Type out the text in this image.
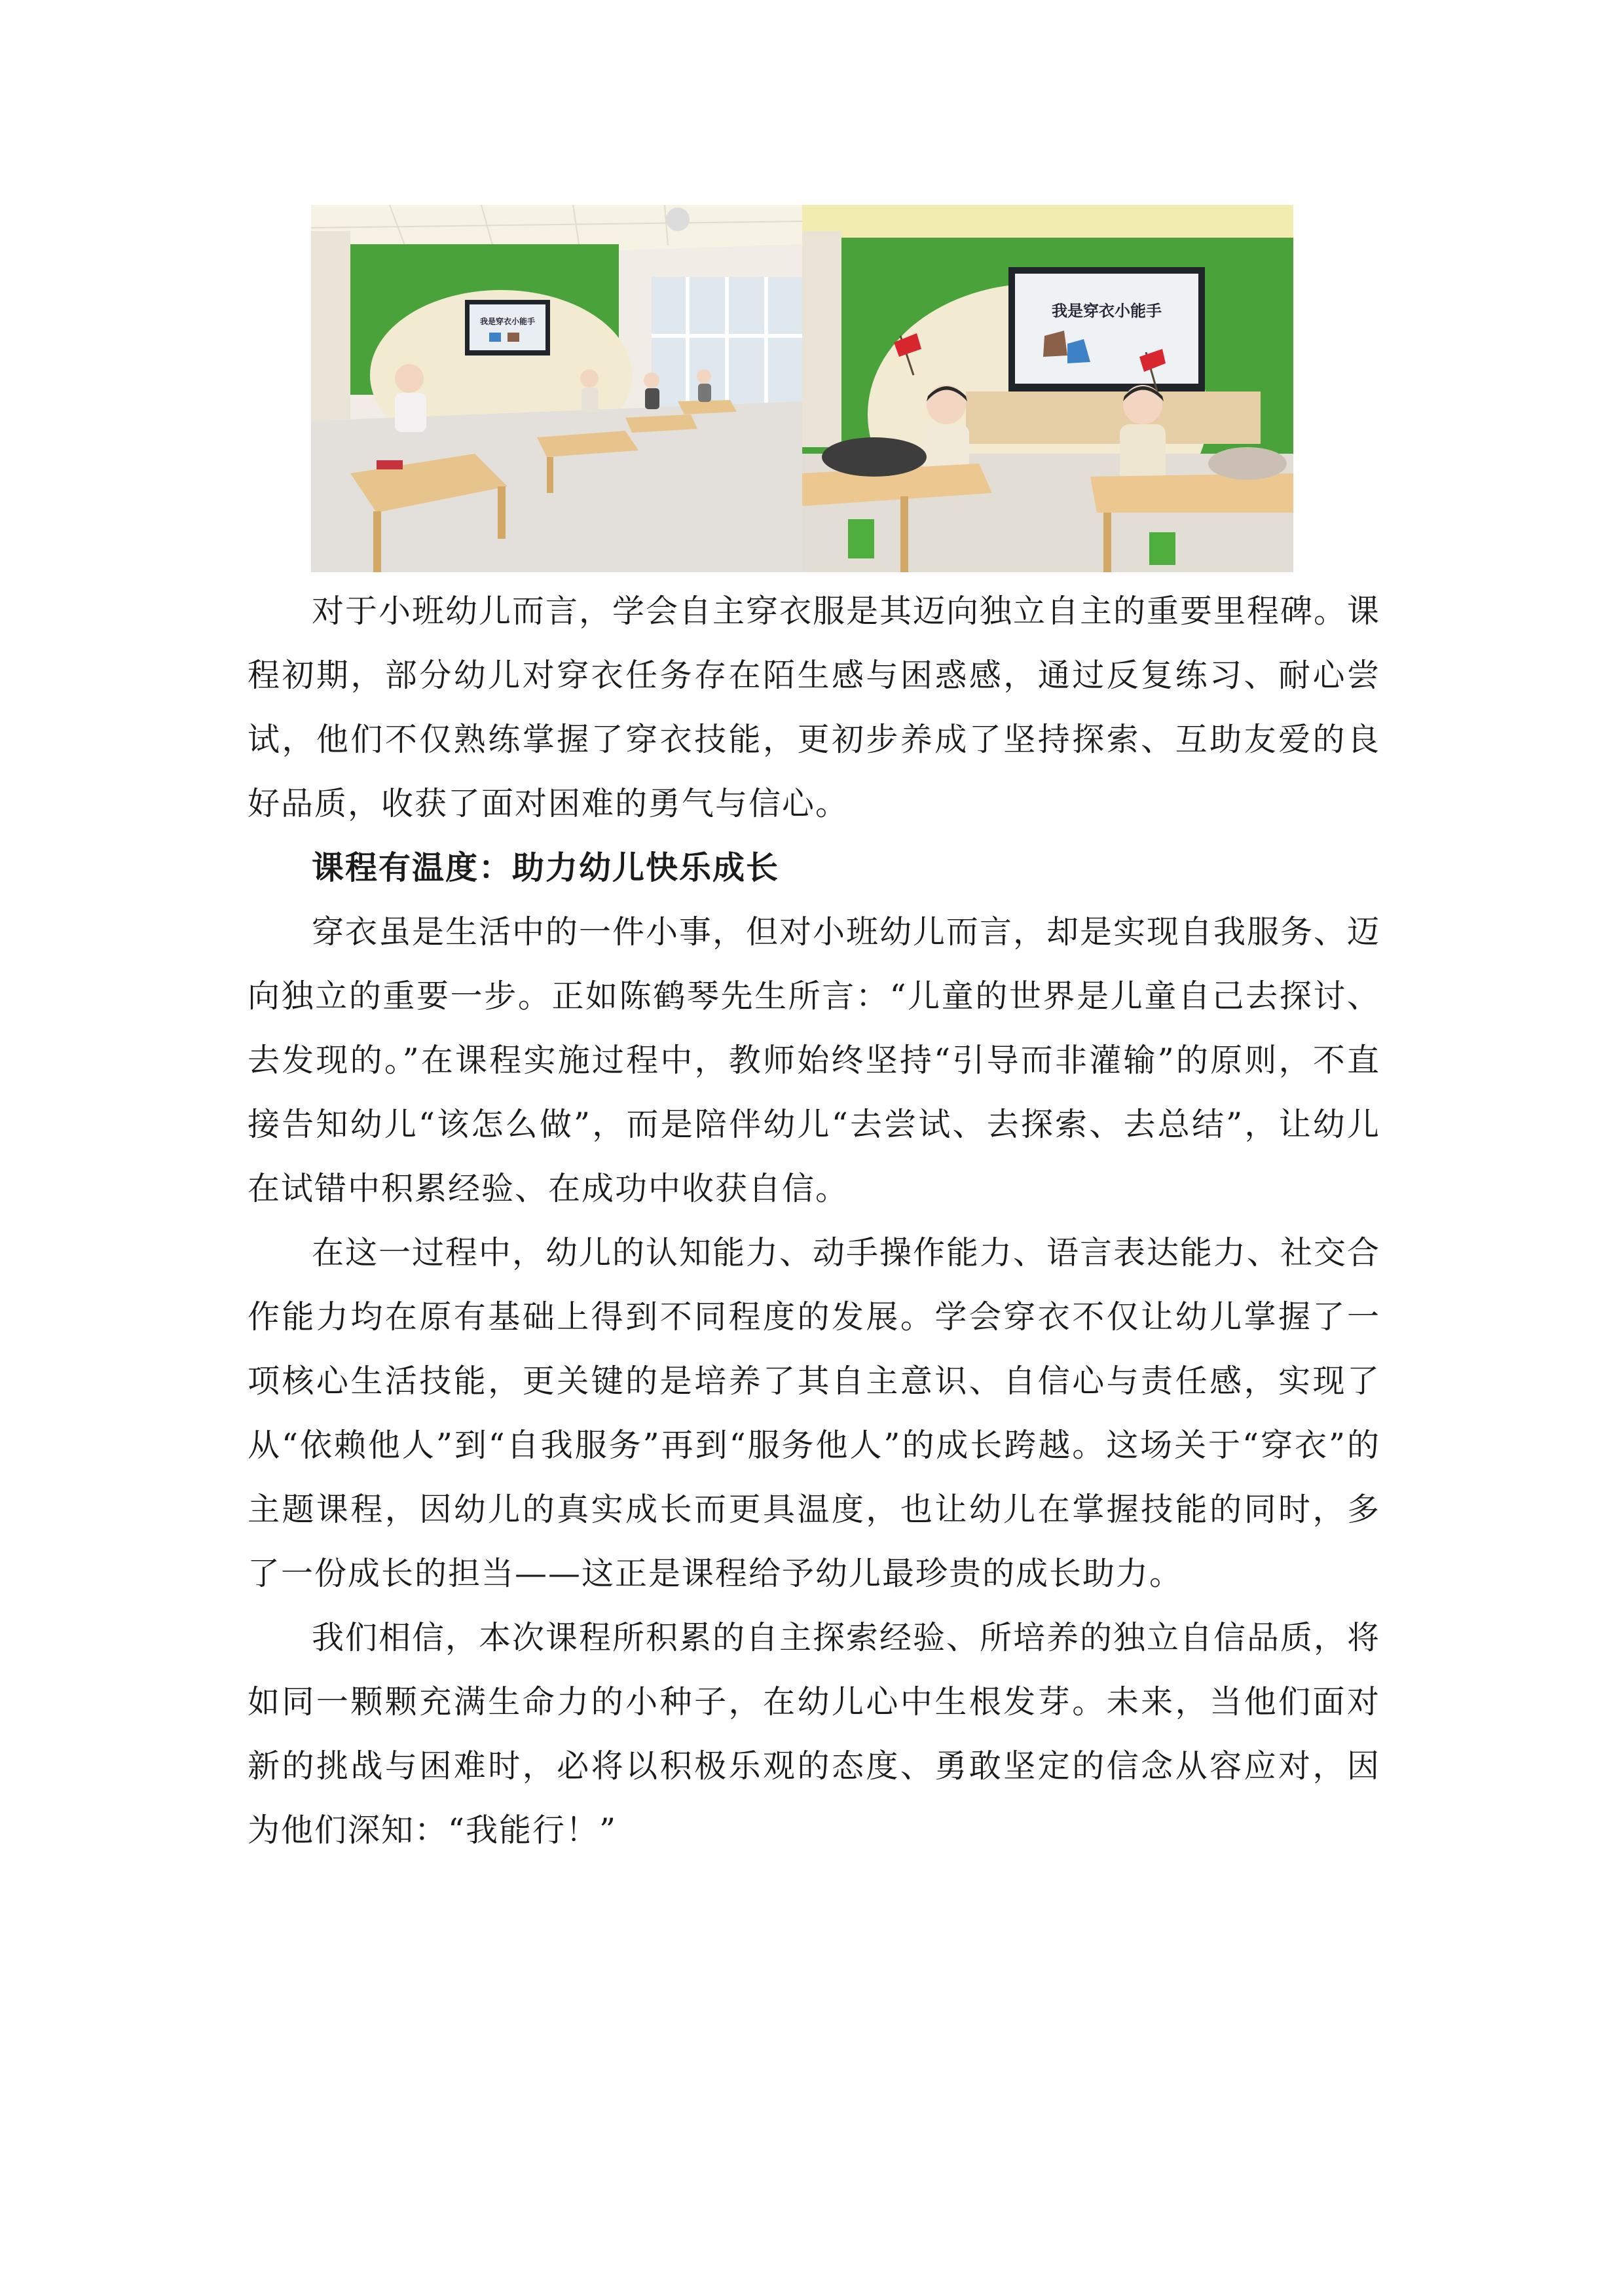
我是穿衣小能手
我是穿衣小能手

对于小班幼儿而言，学会自主穿衣服是其迈向独立自主的重要里程碑。课程初期，部分幼儿对穿衣任务存在陌生感与困惑感，通过反复练习、耐心尝试，他们不仅熟练掌握了穿衣技能，更初步养成了坚持探索、互助友爱的良好品质，收获了面对困难的勇气与信心。

课程有温度：助力幼儿快乐成长

穿衣虽是生活中的一件小事，但对小班幼儿而言，却是实现自我服务、迈向独立的重要一步。正如陈鹤琴先生所言：“儿童的世界是儿童自己去探讨、去发现的。”在课程实施过程中，教师始终坚持“引导而非灌输”的原则，不直接告知幼儿“该怎么做”，而是陪伴幼儿“去尝试、去探索、去总结”，让幼儿在试错中积累经验、在成功中收获自信。

在这一过程中，幼儿的认知能力、动手操作能力、语言表达能力、社交合作能力均在原有基础上得到不同程度的发展。学会穿衣不仅让幼儿掌握了一项核心生活技能，更关键的是培养了其自主意识、自信心与责任感，实现了从“依赖他人”到“自我服务”再到“服务他人”的成长跨越。这场关于“穿衣”的主题课程，因幼儿的真实成长而更具温度，也让幼儿在掌握技能的同时，多了一份成长的担当——这正是课程给予幼儿最珍贵的成长助力。

我们相信，本次课程所积累的自主探索经验、所培养的独立自信品质，将如同一颗颗充满生命力的小种子，在幼儿心中生根发芽。未来，当他们面对新的挑战与困难时，必将以积极乐观的态度、勇敢坚定的信念从容应对，因为他们深知：“我能行！”
